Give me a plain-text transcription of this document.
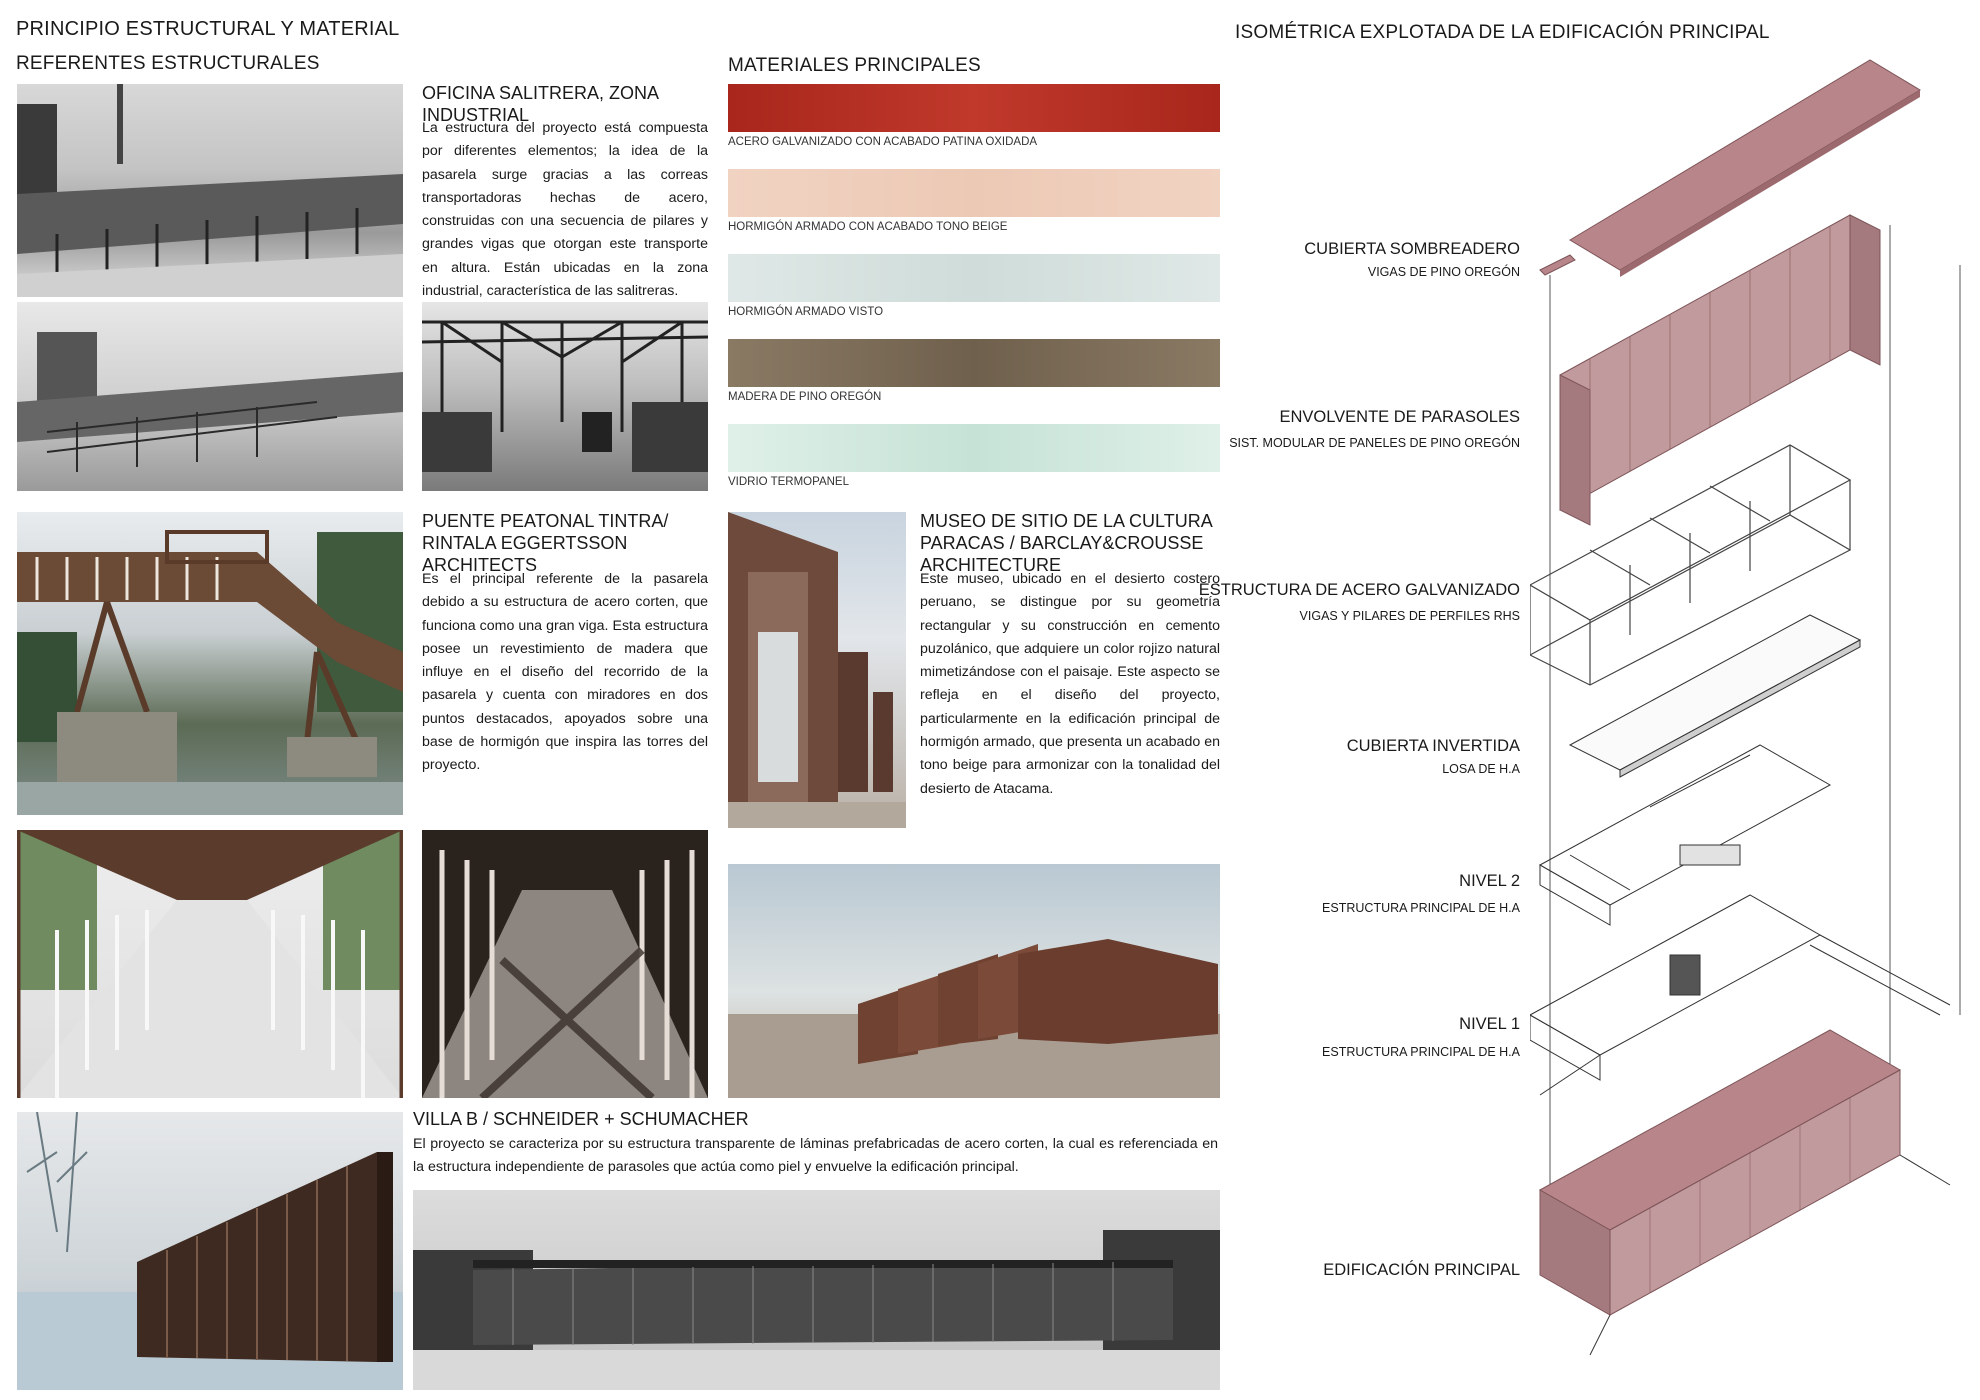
PRINCIPIO ESTRUCTURAL Y MATERIAL
REFERENTES ESTRUCTURALES	MATERIALES PRINCIPALES
ISOMÉTRICA EXPLOTADA DE LA EDIFICACIÓN PRINCIPAL
OFICINA SALITRERA, ZONA INDUSTRIAL
La estructura del proyecto está compuesta por diferentes elementos; la idea de la pasarela surge gracias a las correas transportadoras hechas de acero, construidas con una secuencia de pilares y grandes vigas que otorgan este transporte en altura. Están ubicadas en la zona industrial, característica de las salitreras.
ACERO GALVANIZADO CON ACABADO PATINA OXIDADA
HORMIGÓN ARMADO CON ACABADO TONO BEIGE
HORMIGÓN ARMADO VISTO
MADERA DE PINO OREGÓN
VIDRIO TERMOPANEL
PUENTE PEATONAL TINTRA/ RINTALA EGGERTSSON ARCHITECTS
Es el principal referente de la pasarela debido a su estructura de acero corten, que funciona como una gran viga. Esta estructura posee un revestimiento de madera que influye en el diseño del recorrido de la pasarela y cuenta con miradores en dos puntos destacados, apoyados sobre una base de hormigón que inspira las torres del proyecto.
MUSEO DE SITIO DE LA CULTURA PARACAS / BARCLAY&CROUSSE ARCHITECTURE
Este museo, ubicado en el desierto costero peruano, se distingue por su geometría rectangular y su construcción en cemento puzolánico, que adquiere un color rojizo natural mimetizándose con el paisaje. Este aspecto se refleja en el diseño del proyecto, particularmente en la edificación principal de hormigón armado, que presenta un acabado en tono beige para armonizar con la tonalidad del desierto de Atacama.
VILLA B / SCHNEIDER + SCHUMACHER
El proyecto se caracteriza por su estructura transparente de láminas prefabricadas de acero corten, la cual es referenciada en la estructura independiente de parasoles que actúa como piel y envuelve la edificación principal.
CUBIERTA SOMBREADERO
VIGAS DE PINO OREGÓN
ENVOLVENTE DE PARASOLES
SIST. MODULAR DE PANELES DE PINO OREGÓN
ESTRUCTURA DE ACERO GALVANIZADO
VIGAS Y PILARES DE PERFILES RHS
CUBIERTA INVERTIDA
LOSA DE H.A
NIVEL 2
ESTRUCTURA PRINCIPAL DE H.A
NIVEL 1
ESTRUCTURA PRINCIPAL DE H.A
EDIFICACIÓN PRINCIPAL
